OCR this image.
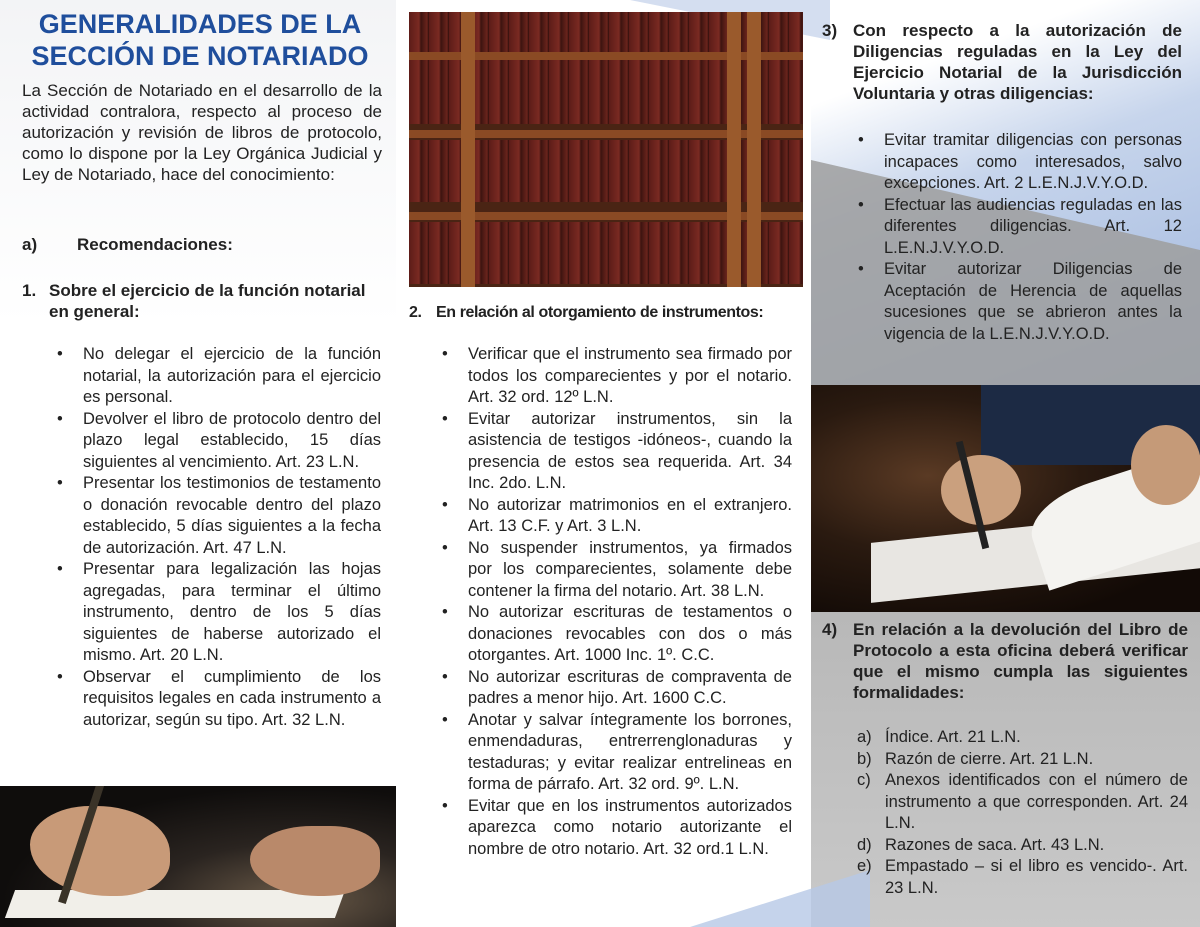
GENERALIDADES DE LA
SECCIÓN DE NOTARIADO

La Sección de Notariado en el desarrollo de la actividad contralora, respecto al proceso de autorización y revisión de libros de protocolo, como lo dispone por la Ley Orgánica Judicial y Ley de Notariado, hace del conocimiento:

a) Recomendaciones:

1. Sobre el ejercicio de la función notarial en general:
• No delegar el ejercicio de la función notarial, la autorización para el ejercicio es personal.
• Devolver el libro de protocolo dentro del plazo legal establecido, 15 días siguientes al vencimiento. Art. 23 L.N.
• Presentar los testimonios de testamento o donación revocable dentro del plazo establecido, 5 días siguientes a la fecha de autorización. Art. 47 L.N.
• Presentar para legalización las hojas agregadas, para terminar el último instrumento, dentro de los 5 días siguientes de haberse autorizado el mismo. Art. 20 L.N.
• Observar el cumplimiento de los requisitos legales en cada instrumento a autorizar, según su tipo. Art. 32 L.N.
2. En relación al otorgamiento de instrumentos:
• Verificar que el instrumento sea firmado por todos los comparecientes y por el notario. Art. 32 ord. 12º L.N.
• Evitar autorizar instrumentos, sin la asistencia de testigos -idóneos-, cuando la presencia de estos sea requerida. Art. 34 Inc. 2do. L.N.
• No autorizar matrimonios en el extranjero. Art. 13 C.F. y Art. 3 L.N.
• No suspender instrumentos, ya firmados por los comparecientes, solamente debe contener la firma del notario. Art. 38 L.N.
• No autorizar escrituras de testamentos o donaciones revocables con dos o más otorgantes. Art. 1000 Inc. 1º. C.C.
• No autorizar escrituras de compraventa de padres a menor hijo. Art. 1600 C.C.
• Anotar y salvar íntegramente los borrones, enmendaduras, entrerrenglonaduras y testaduras; y evitar realizar entrelineas en forma de párrafo. Art. 32 ord. 9º. L.N.
• Evitar que en los instrumentos autorizados aparezca como notario autorizante el nombre de otro notario. Art. 32 ord.1 L.N.
3) Con respecto a la autorización de Diligencias reguladas en la Ley del Ejercicio Notarial de la Jurisdicción Voluntaria y otras diligencias:
• Evitar tramitar diligencias con personas incapaces como interesados, salvo excepciones. Art. 2 L.E.N.J.V.Y.O.D.
• Efectuar las audiencias reguladas en las diferentes diligencias. Art. 12 L.E.N.J.V.Y.O.D.
• Evitar autorizar Diligencias de Aceptación de Herencia de aquellas sucesiones que se abrieron antes la vigencia de la L.E.N.J.V.Y.O.D.
4) En relación a la devolución del Libro de Protocolo a esta oficina deberá verificar que el mismo cumpla las siguientes formalidades:
a) Índice. Art. 21 L.N.
b) Razón de cierre. Art. 21 L.N.
c) Anexos identificados con el número de instrumento a que corresponden. Art. 24 L.N.
d) Razones de saca. Art. 43 L.N.
e) Empastado – si el libro es vencido-. Art. 23 L.N.
